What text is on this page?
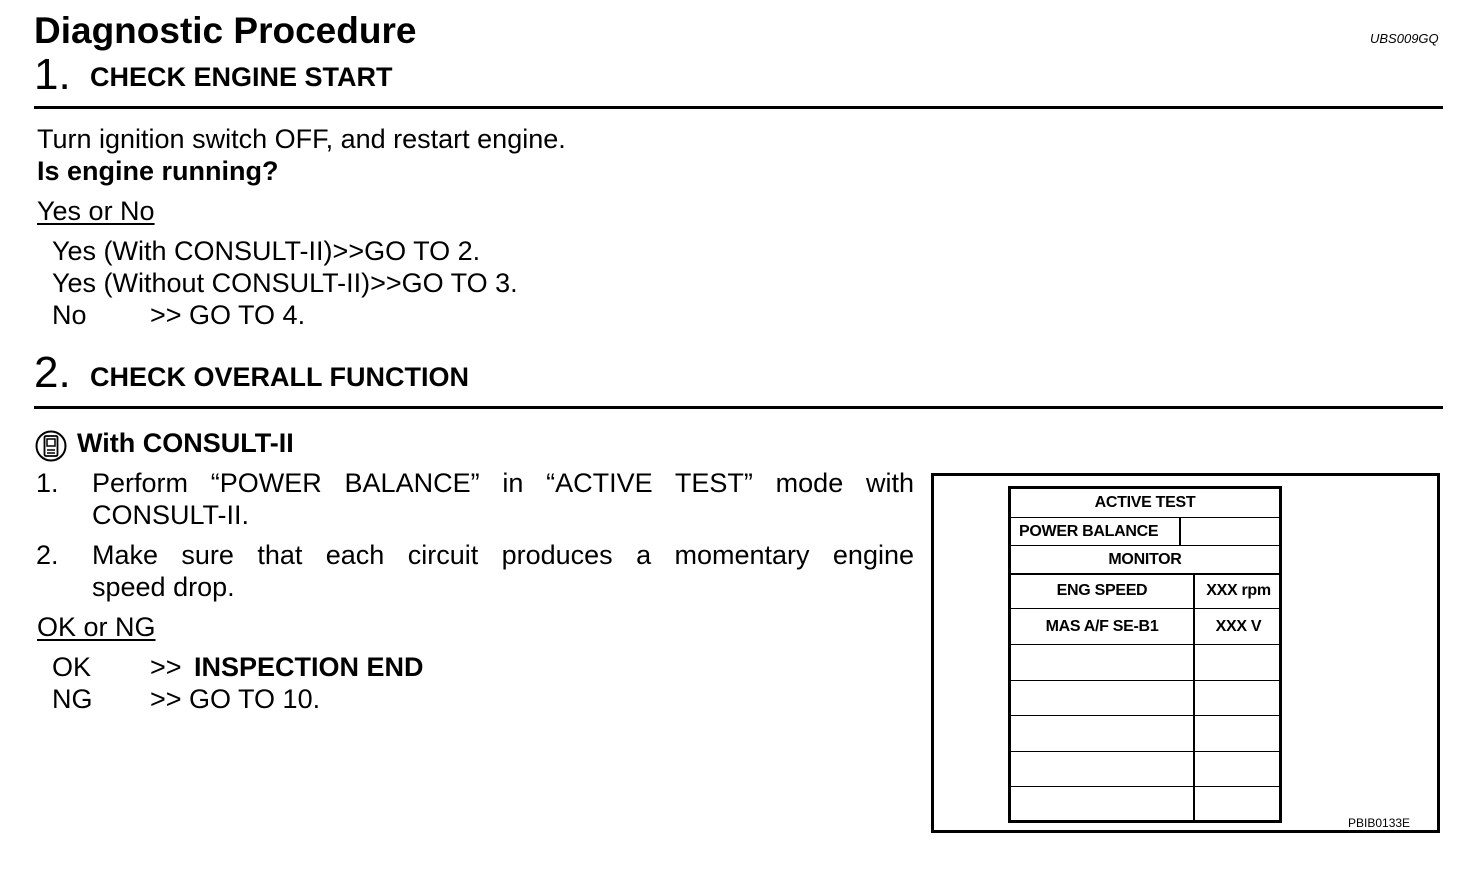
Diagnostic Procedure	UBS009GQ
1. CHECK ENGINE START
Turn ignition switch OFF, and restart engine.
Is engine running?
Yes or No
Yes (With CONSULT-II)>>GO TO 2.
Yes (Without CONSULT-II)>>GO TO 3.
No >> GO TO 4.
2. CHECK OVERALL FUNCTION
With CONSULT-II
1. Perform “POWER BALANCE” in “ACTIVE TEST” mode with
CONSULT-II.
2. Make sure that each circuit produces a momentary engine
speed drop.
OK or NG
OK >> INSPECTION END
NG >> GO TO 10.
ACTIVE TEST
POWER BALANCE
MONITOR
ENG SPEED	XXX rpm
MAS A/F SE-B1	XXX V
PBIB0133E
